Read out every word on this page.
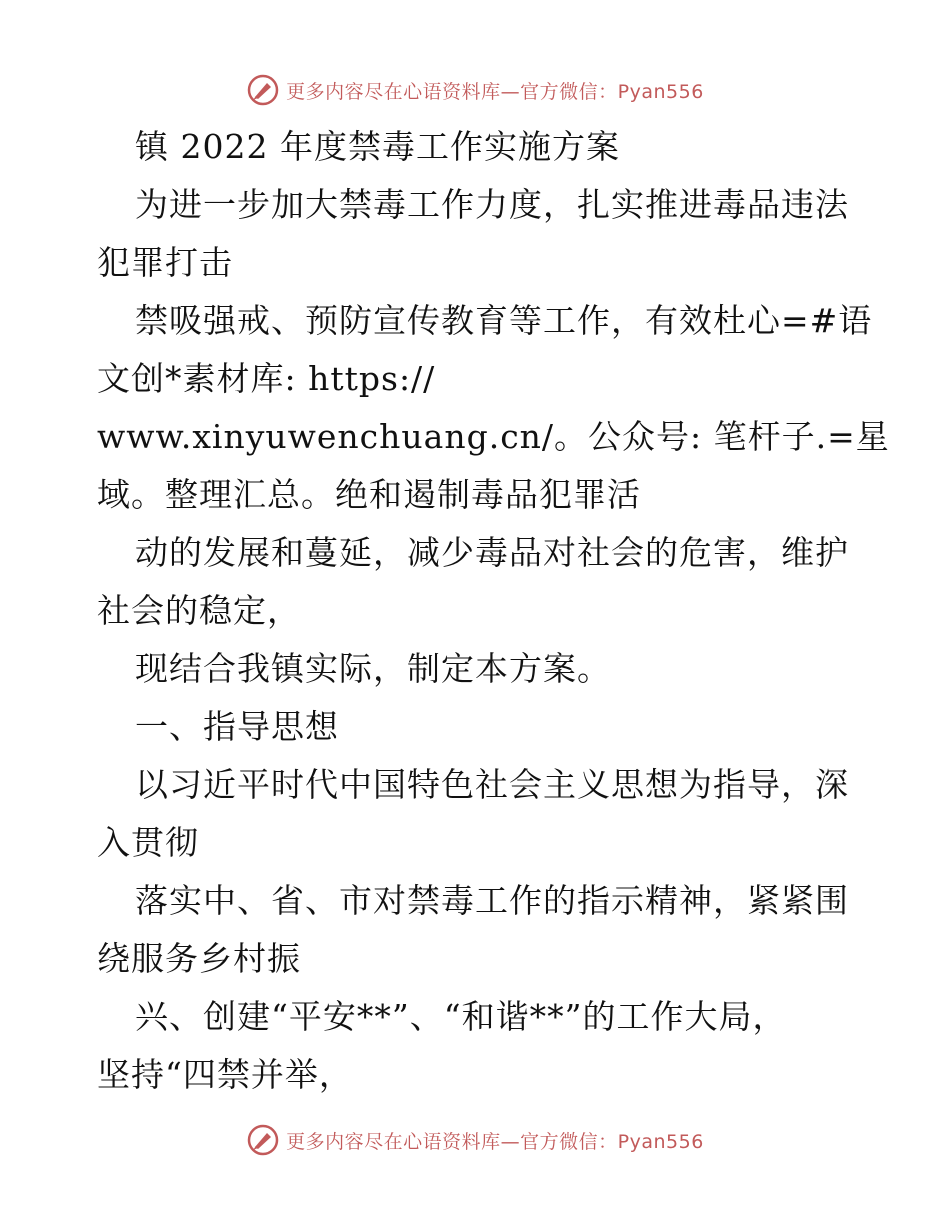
更多内容尽在心语资料库—官方微信：Pyan556
镇 2022 年度禁毒工作实施方案
为进一步加大禁毒工作力度，扎实推进毒品违法
犯罪打击
禁吸强戒、预防宣传教育等工作，有效杜心=#语
文创*素材库: https://
www.xinyuwenchuang.cn/。公众号: 笔杆子.=星
域。整理汇总。绝和遏制毒品犯罪活
动的发展和蔓延，减少毒品对社会的危害，维护
社会的稳定，
现结合我镇实际，制定本方案。
一、指导思想
以习近平时代中国特色社会主义思想为指导，深
入贯彻
落实中、省、市对禁毒工作的指示精神，紧紧围
绕服务乡村振
兴、创建“平安**”、“和谐**”的工作大局，
坚持“四禁并举，
更多内容尽在心语资料库—官方微信：Pyan556
